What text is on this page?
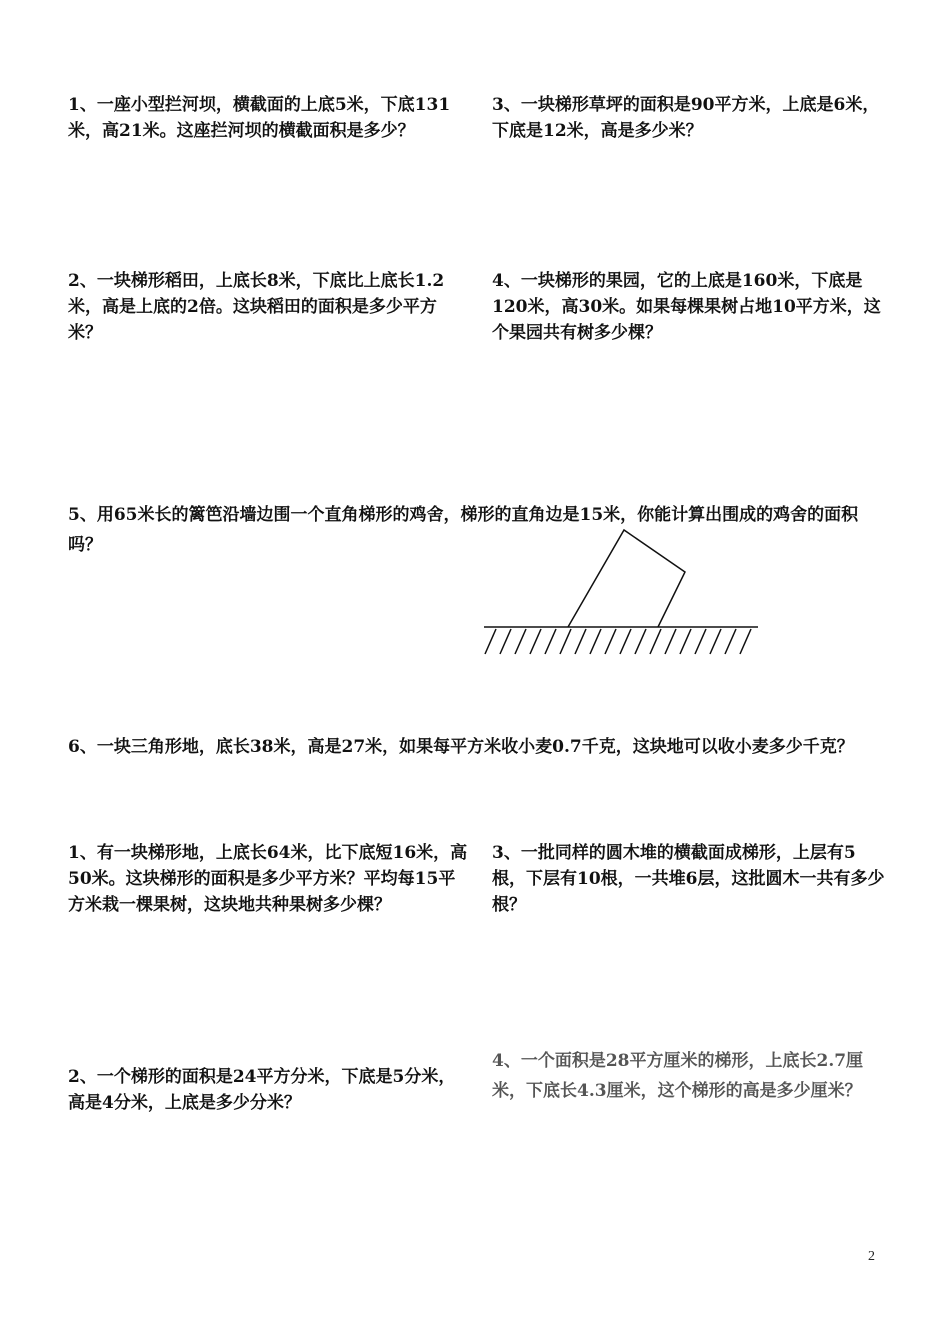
1、一座小型拦河坝，横截面的上底5米，下底131米，高21米。这座拦河坝的横截面积是多少？

3、一块梯形草坪的面积是90平方米，上底是6米，下底是12米，高是多少米？

2、一块梯形稻田，上底长8米，下底比上底长1.2米，高是上底的2倍。这块稻田的面积是多少平方米？

4、一块梯形的果园，它的上底是160米，下底是120米，高30米。如果每棵果树占地10平方米，这个果园共有树多少棵？

5、用65米长的篱笆沿墙边围一个直角梯形的鸡舍，梯形的直角边是15米，你能计算出围成的鸡舍的面积吗？

6、一块三角形地，底长38米，高是27米，如果每平方米收小麦0.7千克，这块地可以收小麦多少千克？

1、有一块梯形地，上底长64米，比下底短16米，高50米。这块梯形的面积是多少平方米？平均每15平方米栽一棵果树，这块地共种果树多少棵？

3、一批同样的圆木堆的横截面成梯形，上层有5根，下层有10根，一共堆6层，这批圆木一共有多少根？

2、一个梯形的面积是24平方分米，下底是5分米，高是4分米，上底是多少分米？

4、一个面积是28平方厘米的梯形，上底长2.7厘米，下底长4.3厘米，这个梯形的高是多少厘米？

2
